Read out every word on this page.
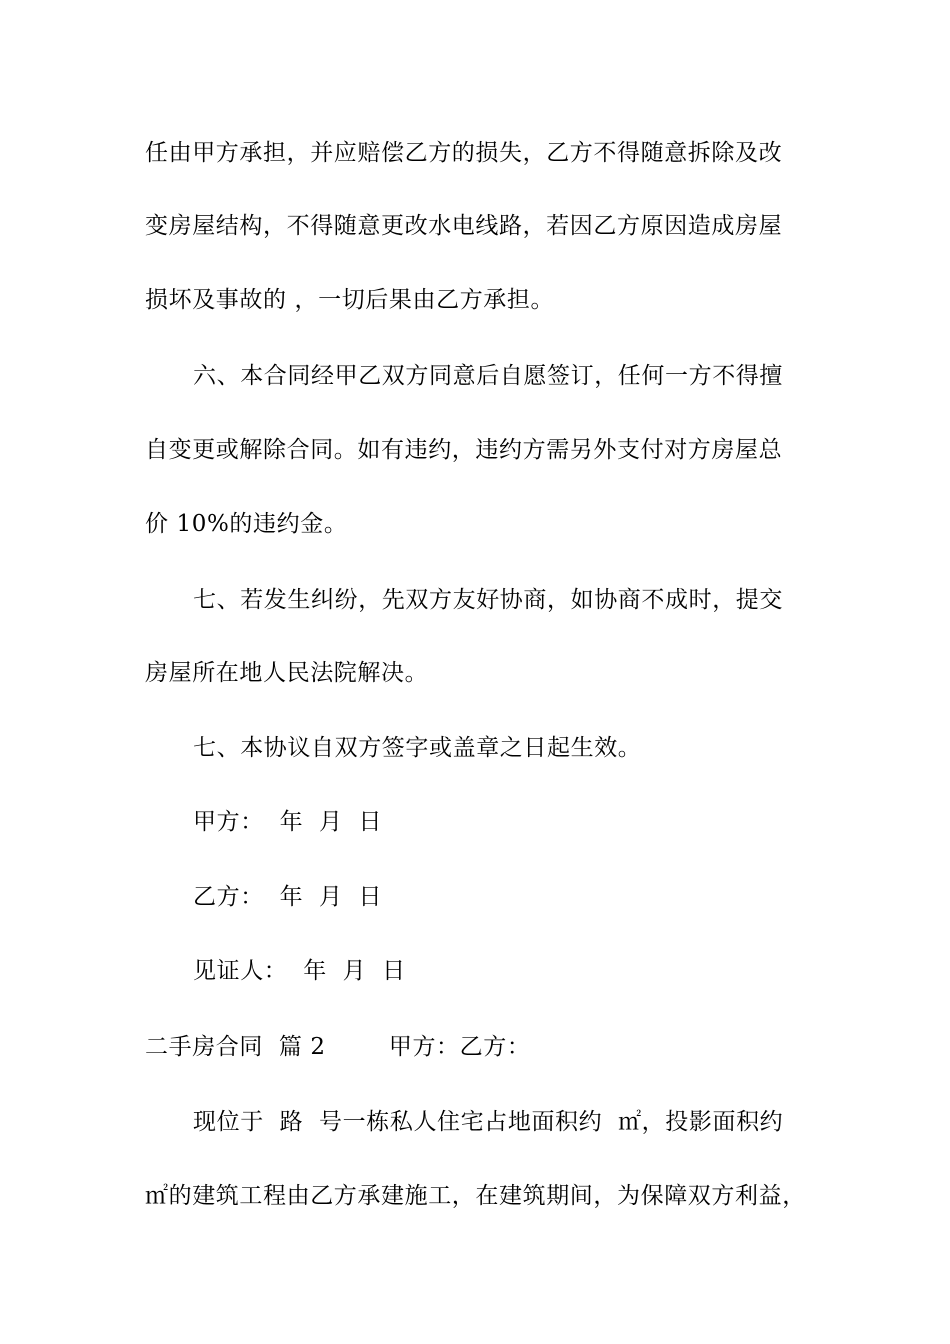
任由甲方承担，并应赔偿乙方的损失，乙方不得随意拆除及改
变房屋结构，不得随意更改水电线路，若因乙方原因造成房屋
损坏及事故的 ，一切后果由乙方承担。
六、本合同经甲乙双方同意后自愿签订，任何一方不得擅
自变更或解除合同。如有违约，违约方需另外支付对方房屋总
价 10%的违约金。
七、若发生纠纷，先双方友好协商，如协商不成时，提交
房屋所在地人民法院解决。
七、本协议自双方签字或盖章之日起生效。
甲方：  年  月  日
乙方：  年  月  日
见证人：  年  月  日
二手房合同  篇 2        甲方：乙方：
现位于  路  号一栋私人住宅占地面积约  ㎡，投影面积约
㎡的建筑工程由乙方承建施工，在建筑期间，为保障双方利益，
